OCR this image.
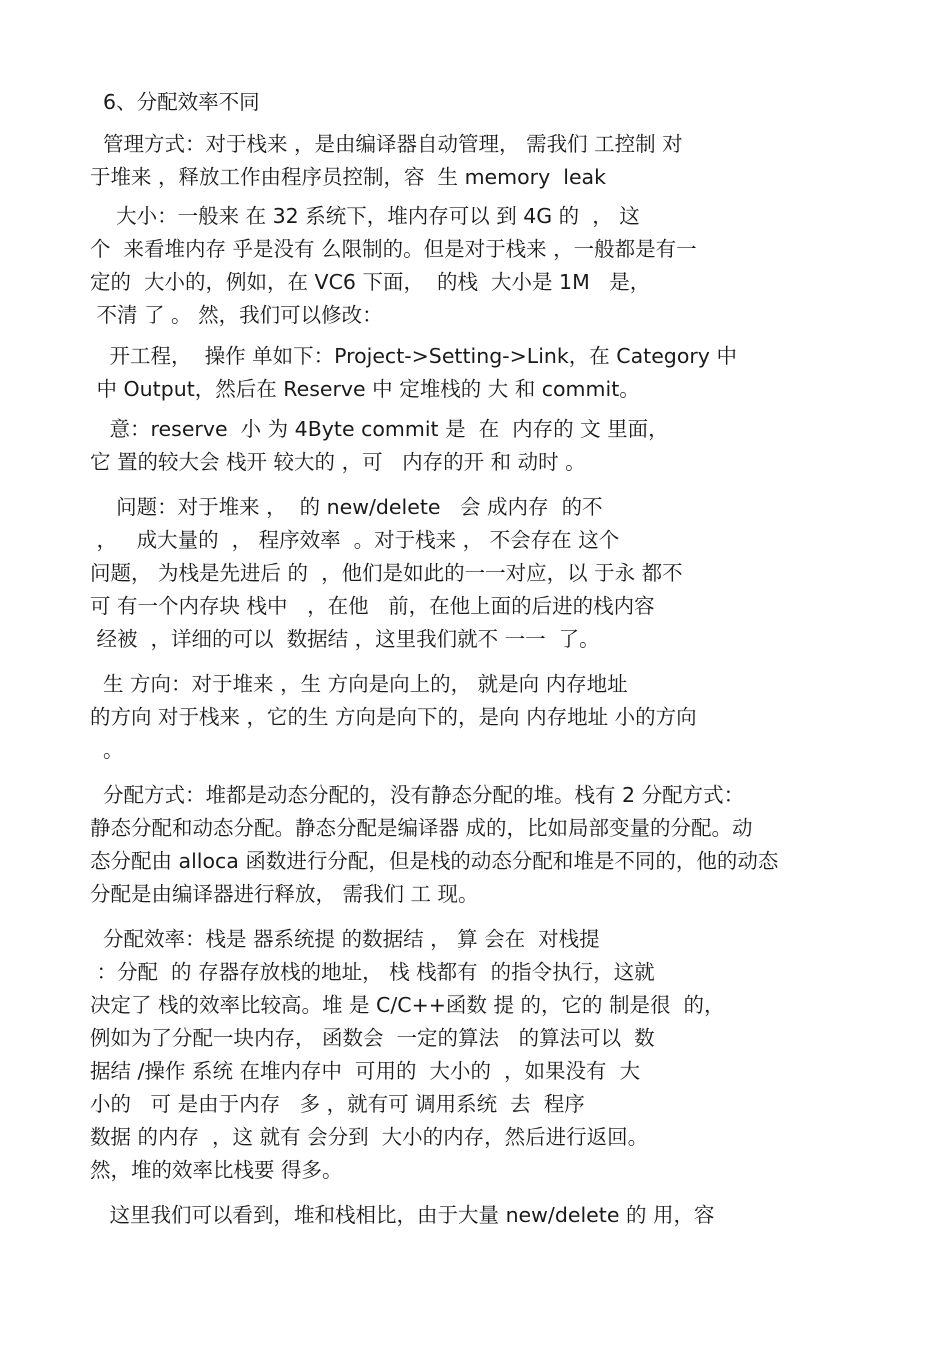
6、分配效率不同
管理方式：对于栈来 ，是由编译器自动管理， 需我们 工控制 对
于堆来 ，释放工作由程序员控制，容  生 memory  leak
大小：一般来 在 32 系统下，堆内存可以 到 4G 的  ， 这
个  来看堆内存 乎是没有 么限制的。但是对于栈来 ，一般都是有一
定的  大小的，例如，在 VC6 下面，  的栈  大小是 1M   是，
不清 了 。 然，我们可以修改：
开工程，  操作 单如下：Project->Setting->Link，在 Category 中
中 Output，然后在 Reserve 中 定堆栈的 大 和 commit。
意：reserve  小 为 4Byte commit 是  在  内存的 文 里面，
它 置的较大会 栈开 较大的 ，可   内存的开 和 动时 。
问题：对于堆来 ，  的 new/delete   会 成内存  的不
，   成大量的  ， 程序效率  。对于栈来 ， 不会存在 这个
问题， 为栈是先进后 的  ，他们是如此的一一对应，以 于永 都不
可 有一个内存块 栈中   ，在他   前，在他上面的后进的栈内容
经被  ，详细的可以  数据结 ，这里我们就不 一一  了。
生 方向：对于堆来 ，生 方向是向上的， 就是向 内存地址
的方向 对于栈来 ，它的生 方向是向下的，是向 内存地址 小的方向
。
分配方式：堆都是动态分配的，没有静态分配的堆。栈有 2 分配方式：
静态分配和动态分配。静态分配是编译器 成的，比如局部变量的分配。动
态分配由 alloca 函数进行分配，但是栈的动态分配和堆是不同的，他的动态
分配是由编译器进行释放， 需我们 工 现。
分配效率：栈是 器系统提 的数据结 ， 算 会在  对栈提
：分配  的 存器存放栈的地址， 栈 栈都有  的指令执行，这就
决定了 栈的效率比较高。堆 是 C/C++函数 提 的，它的 制是很  的，
例如为了分配一块内存， 函数会  一定的算法   的算法可以  数
据结 /操作 系统 在堆内存中  可用的  大小的  ，如果没有  大
小的   可 是由于内存   多 ，就有可 调用系统  去  程序
数据 的内存  ，这 就有 会分到  大小的内存，然后进行返回。
然，堆的效率比栈要 得多。
这里我们可以看到，堆和栈相比，由于大量 new/delete 的 用，容
